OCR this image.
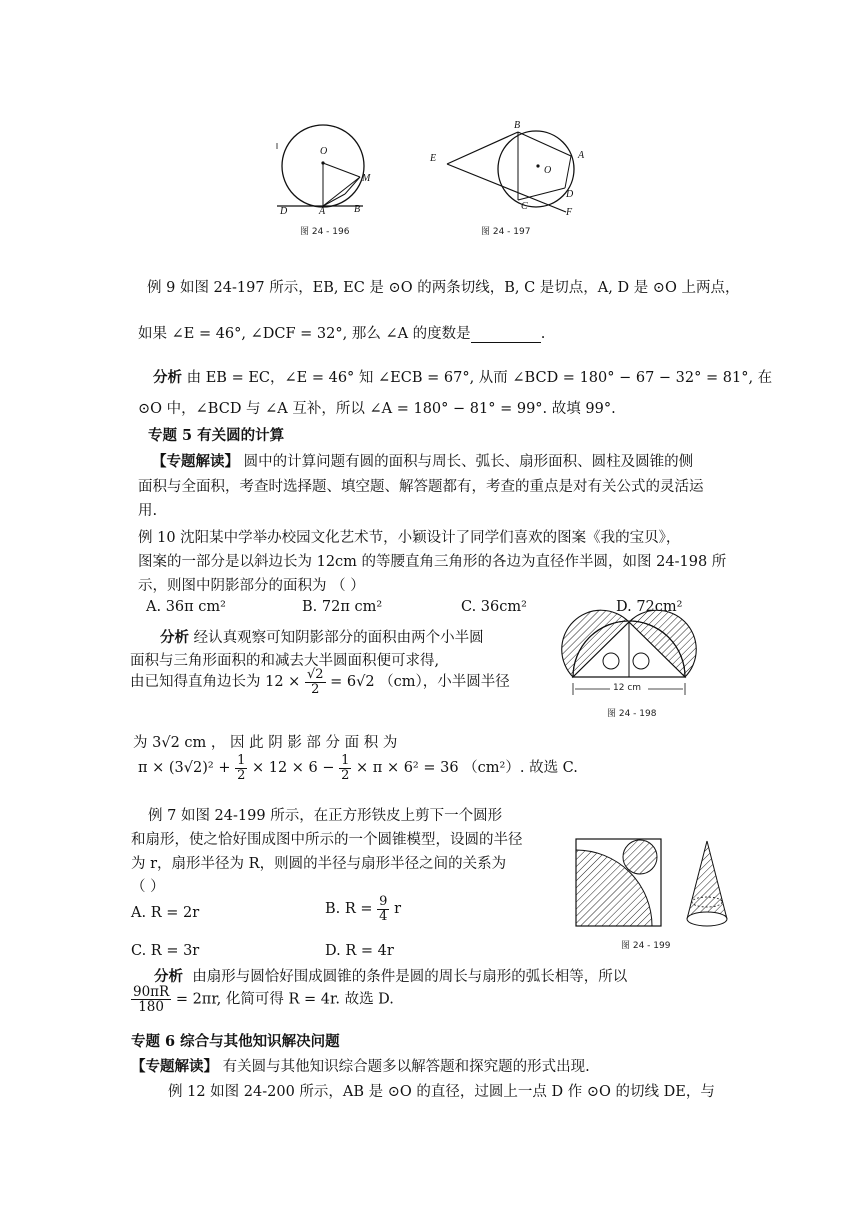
O
M
D	A	B
图 24 - 196
B
E	A
O
C
D
F
图 24 - 197
12 cm
图 24 - 198
图 24 - 199
例 9 如图 24-197 所示，EB, EC 是 ⊙O 的两条切线，B, C 是切点，A, D 是 ⊙O 上两点，
如果 ∠E = 46°, ∠DCF = 32°, 那么 ∠A 的度数是	.
分析 由 EB = EC，∠E = 46° 知 ∠ECB = 67°, 从而 ∠BCD = 180° − 67 − 32° = 81°, 在
⊙O 中，∠BCD 与 ∠A 互补，所以 ∠A = 180° − 81° = 99°. 故填 99°.
专题 5 有关圆的计算
【专题解读】 圆中的计算问题有圆的面积与周长、弧长、扇形面积、圆柱及圆锥的侧
面积与全面积，考查时选择题、填空题、解答题都有，考查的重点是对有关公式的灵活运
用.
例 10 沈阳某中学举办校园文化艺术节，小颖设计了同学们喜欢的图案《我的宝贝》，
图案的一部分是以斜边长为 12cm 的等腰直角三角形的各边为直径作半圆，如图 24-198 所
示，则图中阴影部分的面积为 （ ）
A. 36π cm²	B. 72π cm²	C. 36cm²	D. 72cm²
分析 经认真观察可知阴影部分的面积由两个小半圆
面积与三角形面积的和减去大半圆面积便可求得,
由已知得直角边长为 $12 \times \frac{√2}{2} = 6√2$ （cm），小半圆半径
为 3√2 cm ， 因 此 阴 影 部 分 面 积 为
$\pi \times (3√2)^2 + \frac{1}{2} \times 12 \times 6 - \frac{1}{2} \times \pi \times 6^2 = 36$ （cm²）. 故选 C.
例 7 如图 24-199 所示，在正方形铁皮上剪下一个圆形
和扇形，使之恰好围成图中所示的一个圆锥模型，设圆的半径
为 r，扇形半径为 R，则圆的半径与扇形半径之间的关系为
（ ）
A. R = 2r	B. $R = \frac{9}{4}$ r
C. R = 3r	D. R = 4r
分析 由扇形与圆恰好围成圆锥的条件是圆的周长与扇形的弧长相等，所以
$\frac{90\pi R}{180} = 2\pi r$, 化简可得 R = 4r. 故选 D.
专题 6 综合与其他知识解决问题
【专题解读】 有关圆与其他知识综合题多以解答题和探究题的形式出现.
例 12 如图 24-200 所示，AB 是 ⊙O 的直径，过圆上一点 D 作 ⊙O 的切线 DE，与
